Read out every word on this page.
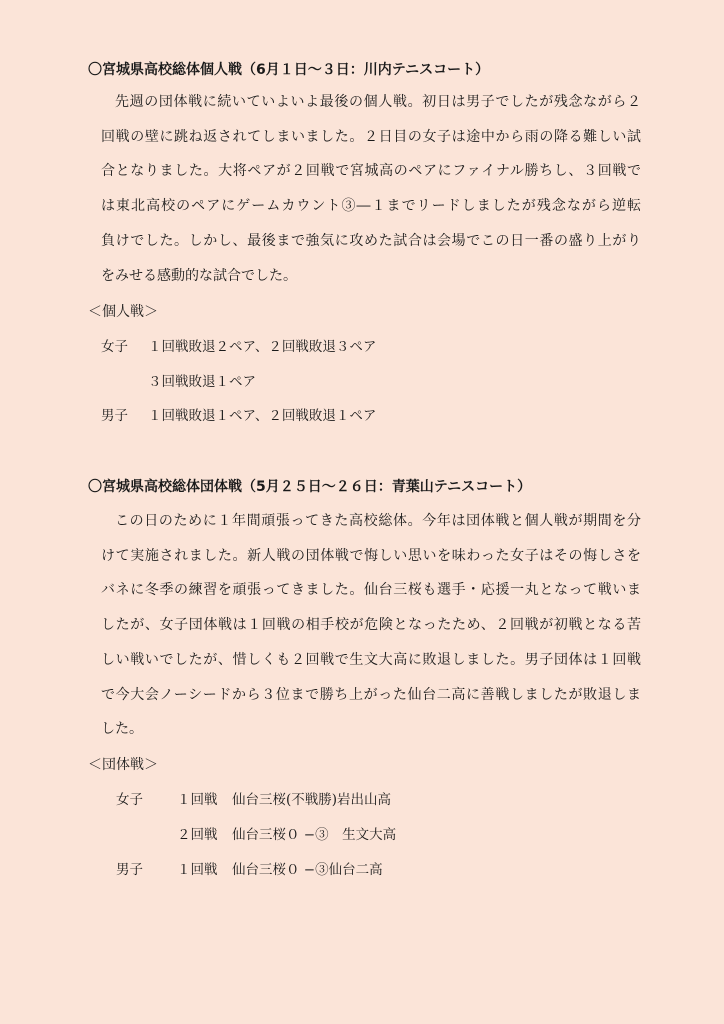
〇宮城県高校総体個人戦（6月１日〜３日：川内テニスコート）
先週の団体戦に続いていよいよ最後の個人戦。初日は男子でしたが残念ながら２
回戦の壁に跳ね返されてしまいました。２日目の女子は途中から雨の降る難しい試
合となりました。大将ペアが２回戦で宮城高のペアにファイナル勝ちし、３回戦で
は東北高校のペアにゲームカウント③―１までリードしましたが残念ながら逆転
負けでした。しかし、最後まで強気に攻めた試合は会場でこの日一番の盛り上がり
をみせる感動的な試合でした。
＜個人戦＞
女子 １回戦敗退２ペア、２回戦敗退３ペア
３回戦敗退１ペア
男子 １回戦敗退１ペア、２回戦敗退１ペア
〇宮城県高校総体団体戦（5月２５日〜２６日：青葉山テニスコート）
この日のために１年間頑張ってきた高校総体。今年は団体戦と個人戦が期間を分
けて実施されました。新人戦の団体戦で悔しい思いを味わった女子はその悔しさを
バネに冬季の練習を頑張ってきました。仙台三桜も選手・応援一丸となって戦いま
したが、女子団体戦は１回戦の相手校が危険となったため、２回戦が初戦となる苦
しい戦いでしたが、惜しくも２回戦で生文大高に敗退しました。男子団体は１回戦
で今大会ノーシードから３位まで勝ち上がった仙台二高に善戦しましたが敗退しま
した。
＜団体戦＞
女子	１回戦 仙台三桜(不戦勝)岩出山高
２回戦 仙台三桜０ −③　生文大高
男子	１回戦 仙台三桜０ −③仙台二高
